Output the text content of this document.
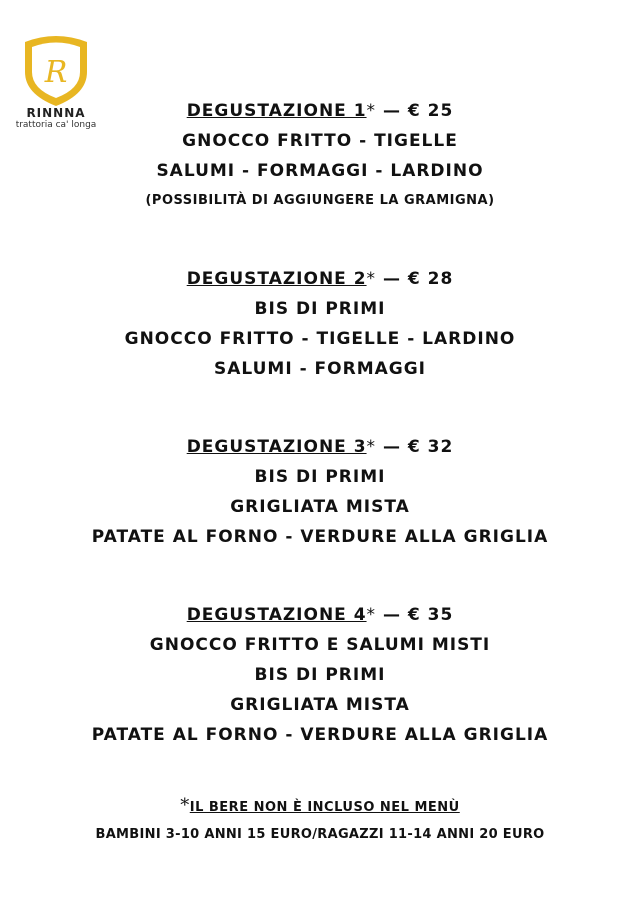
R
RINNNA
trattoria ca' longa
DEGUSTAZIONE 1* — € 25
GNOCCO FRITTO - TIGELLE
SALUMI - FORMAGGI - LARDINO
(POSSIBILITÀ DI AGGIUNGERE LA GRAMIGNA)
DEGUSTAZIONE 2* — € 28
BIS DI PRIMI
GNOCCO FRITTO - TIGELLE - LARDINO
SALUMI - FORMAGGI
DEGUSTAZIONE 3* — € 32
BIS DI PRIMI
GRIGLIATA MISTA
PATATE AL FORNO - VERDURE ALLA GRIGLIA
DEGUSTAZIONE 4* — € 35
GNOCCO FRITTO E SALUMI MISTI
BIS DI PRIMI
GRIGLIATA MISTA
PATATE AL FORNO - VERDURE ALLA GRIGLIA
*IL BERE NON È INCLUSO NEL MENÙ
BAMBINI 3-10 ANNI 15 EURO/RAGAZZI 11-14 ANNI 20 EURO
